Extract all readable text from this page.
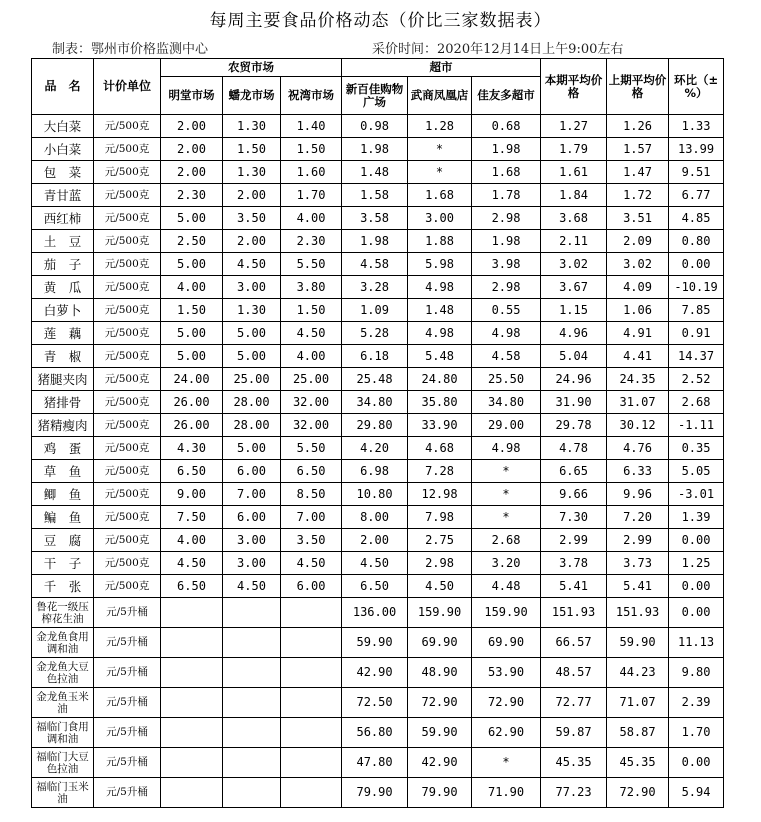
每周主要食品价格动态（价比三家数据表）
制表：鄂州市价格监测中心	采价时间：2020年12月14日上午9:00左右
品　名	计价单位	农贸市场			超市			本期平均价格	上期平均价格	环比（±%）
		明堂市场	蟠龙市场	祝湾市场	新百佳购物广场	武商凤凰店	佳友多超市			
大白菜	元/500克	2.00	1.30	1.40	0.98	1.28	0.68	1.27	1.26	1.33
小白菜	元/500克	2.00	1.50	1.50	1.98	*	1.98	1.79	1.57	13.99
包　菜	元/500克	2.00	1.30	1.60	1.48	*	1.68	1.61	1.47	9.51
青甘蓝	元/500克	2.30	2.00	1.70	1.58	1.68	1.78	1.84	1.72	6.77
西红柿	元/500克	5.00	3.50	4.00	3.58	3.00	2.98	3.68	3.51	4.85
土　豆	元/500克	2.50	2.00	2.30	1.98	1.88	1.98	2.11	2.09	0.80
茄　子	元/500克	5.00	4.50	5.50	4.58	5.98	3.98	3.02	3.02	0.00
黄　瓜	元/500克	4.00	3.00	3.80	3.28	4.98	2.98	3.67	4.09	-10.19
白萝卜	元/500克	1.50	1.30	1.50	1.09	1.48	0.55	1.15	1.06	7.85
莲　藕	元/500克	5.00	5.00	4.50	5.28	4.98	4.98	4.96	4.91	0.91
青　椒	元/500克	5.00	5.00	4.00	6.18	5.48	4.58	5.04	4.41	14.37
猪腿夹肉	元/500克	24.00	25.00	25.00	25.48	24.80	25.50	24.96	24.35	2.52
猪排骨	元/500克	26.00	28.00	32.00	34.80	35.80	34.80	31.90	31.07	2.68
猪精瘦肉	元/500克	26.00	28.00	32.00	29.80	33.90	29.00	29.78	30.12	-1.11
鸡　蛋	元/500克	4.30	5.00	5.50	4.20	4.68	4.98	4.78	4.76	0.35
草　鱼	元/500克	6.50	6.00	6.50	6.98	7.28	*	6.65	6.33	5.05
鲫　鱼	元/500克	9.00	7.00	8.50	10.80	12.98	*	9.66	9.96	-3.01
鳊　鱼	元/500克	7.50	6.00	7.00	8.00	7.98	*	7.30	7.20	1.39
豆　腐	元/500克	4.00	3.00	3.50	2.00	2.75	2.68	2.99	2.99	0.00
干　子	元/500克	4.50	3.00	4.50	4.50	2.98	3.20	3.78	3.73	1.25
千　张	元/500克	6.50	4.50	6.00	6.50	4.50	4.48	5.41	5.41	0.00
鲁花一级压榨花生油	元/5升桶				136.00	159.90	159.90	151.93	151.93	0.00
金龙鱼食用调和油	元/5升桶				59.90	69.90	69.90	66.57	59.90	11.13
金龙鱼大豆色拉油	元/5升桶				42.90	48.90	53.90	48.57	44.23	9.80
金龙鱼玉米油	元/5升桶				72.50	72.90	72.90	72.77	71.07	2.39
福临门食用调和油	元/5升桶				56.80	59.90	62.90	59.87	58.87	1.70
福临门大豆色拉油	元/5升桶				47.80	42.90	*	45.35	45.35	0.00
福临门玉米油	元/5升桶				79.90	79.90	71.90	77.23	72.90	5.94
